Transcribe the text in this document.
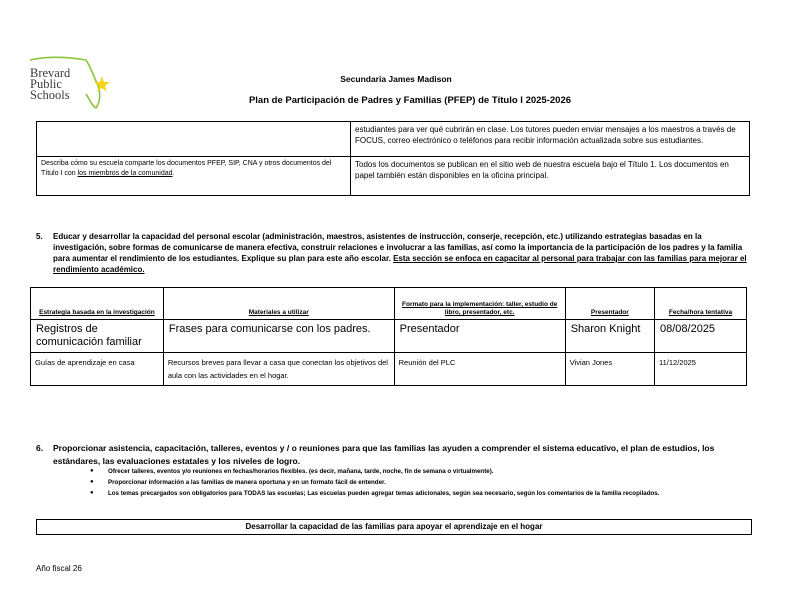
Brevard
Public
Schools
Secundaria James Madison
Plan de Participación de Padres y Familias (PFEP) de Título I 2025-2026
	estudiantes para ver qué cubrirán en clase. Los tutores pueden enviar mensajes a los maestros a través de FOCUS, correo electrónico o teléfonos para recibir información actualizada sobre sus estudiantes.
Describa cómo su escuela comparte los documentos PFEP, SIP, CNA y otros documentos del Título I con los miembros de la comunidad.	Todos los documentos se publican en el sitio web de nuestra escuela bajo el Título 1. Los documentos en papel también están disponibles en la oficina principal.
5. Educar y desarrollar la capacidad del personal escolar (administración, maestros, asistentes de instrucción, conserje, recepción, etc.) utilizando estrategias basadas en la investigación, sobre formas de comunicarse de manera efectiva, construir relaciones e involucrar a las familias, así como la importancia de la participación de los padres y la familia para aumentar el rendimiento de los estudiantes. Explique su plan para este año escolar. Esta sección se enfoca en capacitar al personal para trabajar con las familias para mejorar el rendimiento académico.
Estrategia basada en la investigación	Materiales a utilizar	Formato para la implementación: taller, estudio de libro, presentador, etc.	Presentador	Fecha/hora tentativa
Registros de comunicación familiar	Frases para comunicarse con los padres.	Presentador	Sharon Knight	08/08/2025
Guías de aprendizaje en casa	Recursos breves para llevar a casa que conectan los objetivos del aula con las actividades en el hogar.	Reunión del PLC	Vivian Jones	11/12/2025
6. Proporcionar asistencia, capacitación, talleres, eventos y / o reuniones para que las familias las ayuden a comprender el sistema educativo, el plan de estudios, los estándares, las evaluaciones estatales y los niveles de logro.
● Ofrecer talleres, eventos y/o reuniones en fechas/horarios flexibles. (es decir, mañana, tarde, noche, fin de semana o virtualmente).
● Proporcionar información a las familias de manera oportuna y en un formato fácil de entender.
● Los temas precargados son obligatorios para TODAS las escuelas; Las escuelas pueden agregar temas adicionales, según sea necesario, según los comentarios de la familia recopilados.
Desarrollar la capacidad de las familias para apoyar el aprendizaje en el hogar
Año fiscal 26
